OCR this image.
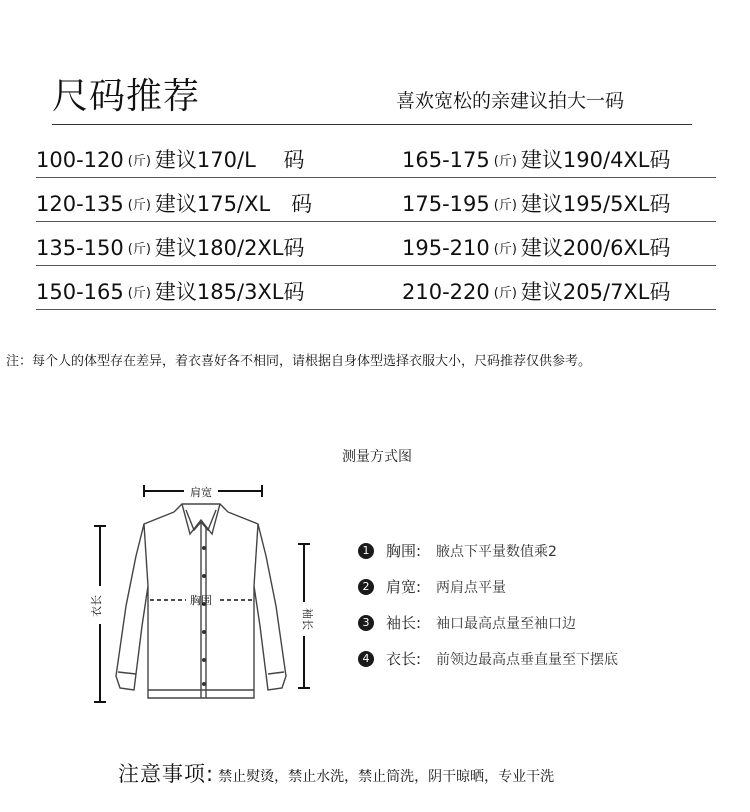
尺码推荐	喜欢宽松的亲建议拍大一码
100-120 (斤) 建议170/L　 码	165-175 (斤) 建议190/4XL码
120-135 (斤) 建议175/XL　码	175-195 (斤) 建议195/5XL码
135-150 (斤) 建议180/2XL码	195-210 (斤) 建议200/6XL码
150-165 (斤) 建议185/3XL码	210-220 (斤) 建议205/7XL码
注：每个人的体型存在差异，着衣喜好各不相同，请根据自身体型选择衣服大小，尺码推荐仅供参考。
测量方式图
肩宽
衣长
袖长
胸围
1 胸围: 腋点下平量数值乘2
2 肩宽: 两肩点平量
3 袖长: 袖口最高点量至袖口边
4 衣长: 前领边最高点垂直量至下摆底
注意事项: 禁止熨烫，禁止水洗，禁止筒洗，阴干晾晒，专业干洗
